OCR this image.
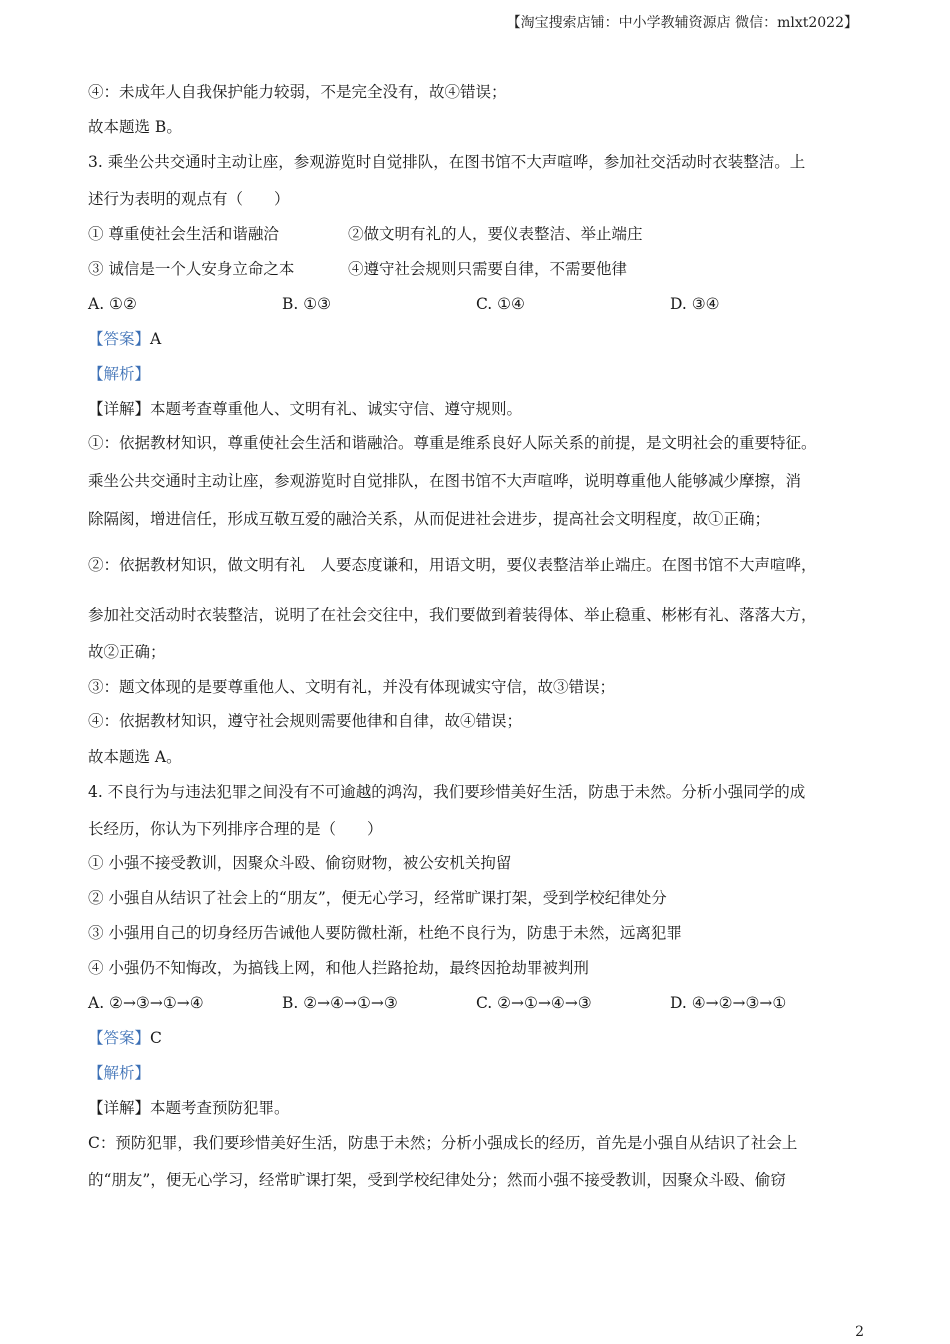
【淘宝搜索店铺：中小学教辅资源店 微信：mlxt2022】
④：未成年人自我保护能力较弱，不是完全没有，故④错误；
故本题选 B。
3. 乘坐公共交通时主动让座，参观游览时自觉排队，在图书馆不大声喧哗，参加社交活动时衣装整洁。上
述行为表明的观点有（　　）
① 尊重使社会生活和谐融洽	②做文明有礼的人，要仪表整洁、举止端庄
③ 诚信是一个人安身立命之本	④遵守社会规则只需要自律，不需要他律
A. ①②	B. ①③	C. ①④	D. ③④
【答案】A
【解析】
【详解】本题考查尊重他人、文明有礼、诚实守信、遵守规则。
①：依据教材知识，尊重使社会生活和谐融洽。尊重是维系良好人际关系的前提，是文明社会的重要特征。
乘坐公共交通时主动让座，参观游览时自觉排队，在图书馆不大声喧哗，说明尊重他人能够减少摩擦，消
除隔阂，增进信任，形成互敬互爱的融洽关系，从而促进社会进步，提高社会文明程度，故①正确；
②：依据教材知识，做文明有礼　人要态度谦和，用语文明，要仪表整洁举止端庄。在图书馆不大声喧哗，
参加社交活动时衣装整洁，说明了在社会交往中，我们要做到着装得体、举止稳重、彬彬有礼、落落大方，
故②正确；
③：题文体现的是要尊重他人、文明有礼，并没有体现诚实守信，故③错误；
④：依据教材知识，遵守社会规则需要他律和自律，故④错误；
故本题选 A。
4. 不良行为与违法犯罪之间没有不可逾越的鸿沟，我们要珍惜美好生活，防患于未然。分析小强同学的成
长经历，你认为下列排序合理的是（　　）
① 小强不接受教训，因聚众斗殴、偷窃财物，被公安机关拘留
② 小强自从结识了社会上的“朋友”，便无心学习，经常旷课打架，受到学校纪律处分
③ 小强用自己的切身经历告诫他人要防微杜渐，杜绝不良行为，防患于未然，远离犯罪
④ 小强仍不知悔改，为搞钱上网，和他人拦路抢劫，最终因抢劫罪被判刑
A. ②→③→①→④	B. ②→④→①→③	C. ②→①→④→③	D. ④→②→③→①
【答案】C
【解析】
【详解】本题考查预防犯罪。
C：预防犯罪，我们要珍惜美好生活，防患于未然；分析小强成长的经历，首先是小强自从结识了社会上
的“朋友”，便无心学习，经常旷课打架，受到学校纪律处分；然而小强不接受教训，因聚众斗殴、偷窃
2
